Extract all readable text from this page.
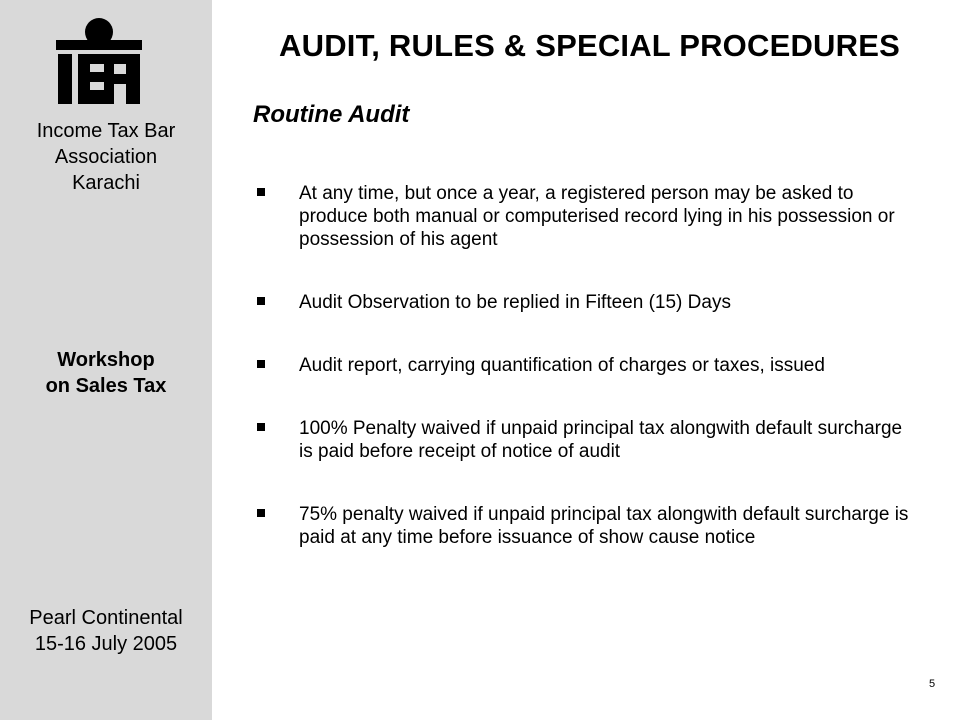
Income Tax Bar
Association
Karachi
Workshop
on Sales Tax
Pearl Continental
15-16 July 2005
AUDIT, RULES & SPECIAL PROCEDURES
Routine Audit
At any time, but once a year, a registered person may be asked to produce both manual or computerised record lying in his possession or possession of his agent
Audit Observation to be replied in Fifteen (15) Days
Audit report, carrying quantification of charges or taxes, issued
100% Penalty waived if unpaid principal tax alongwith default surcharge is paid before receipt of notice of audit
75% penalty waived if unpaid principal tax alongwith default surcharge is paid at any time before issuance of show cause notice
5
